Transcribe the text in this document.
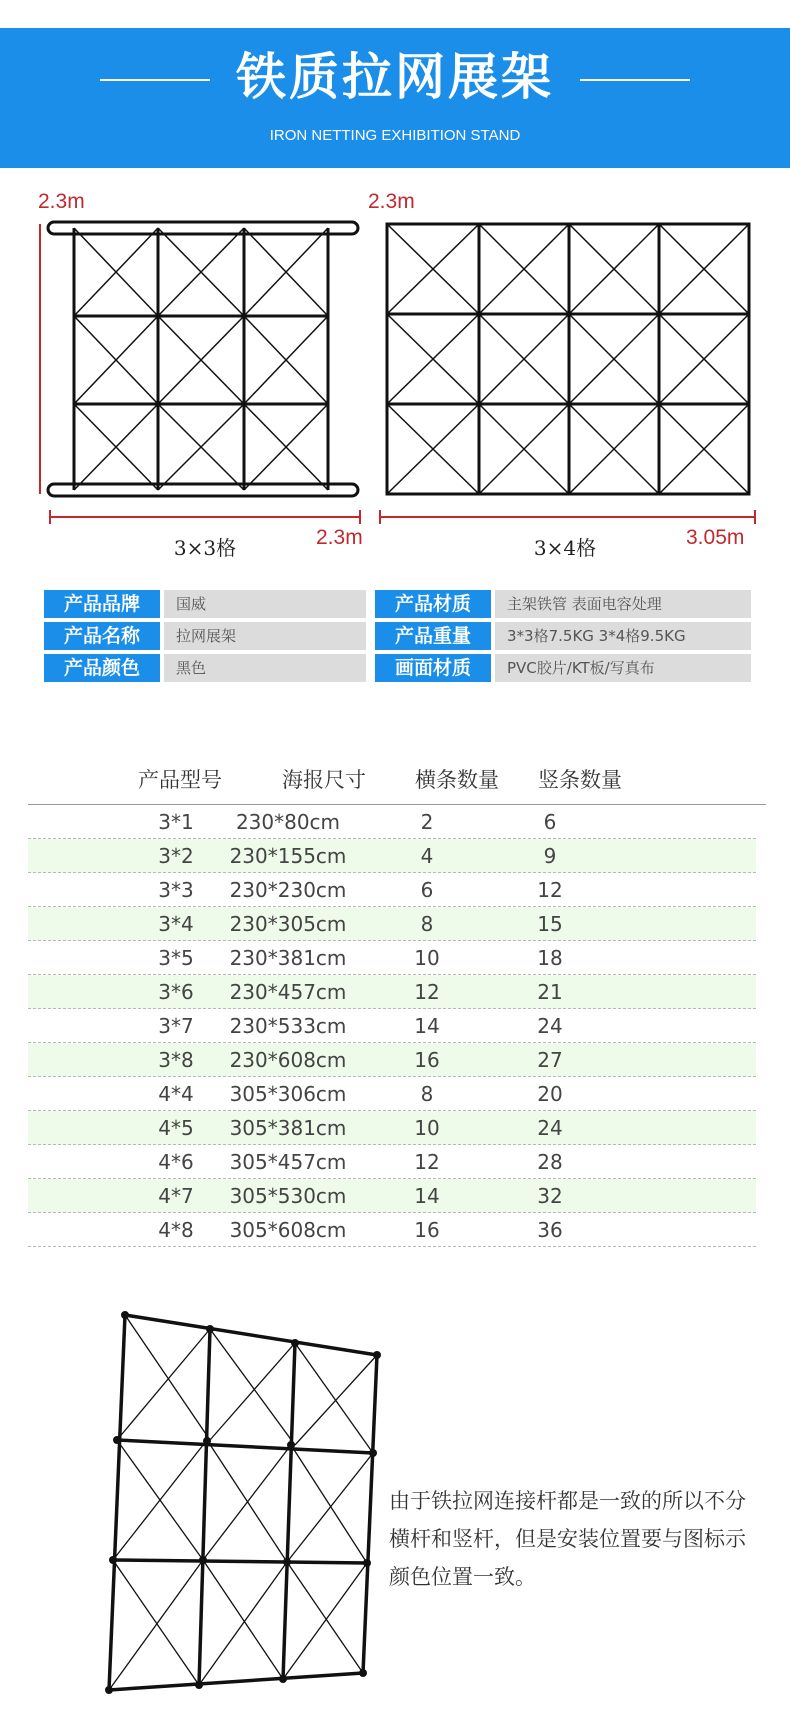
铁质拉网展架
IRON NETTING EXHIBITION STAND
2.3m
2.3m
3×3格
2.3m
3.05m
3×4格
产品品牌	国威
产品名称	拉网展架
产品颜色	黑色
产品材质	主架铁管 表面电容处理
产品重量	3*3格7.5KG 3*4格9.5KG
画面材质	PVC胶片/KT板/写真布
产品型号	海报尺寸	横条数量	竖条数量
3*1	230*80cm	2	6
3*2	230*155cm	4	9
3*3	230*230cm	6	12
3*4	230*305cm	8	15
3*5	230*381cm	10	18
3*6	230*457cm	12	21
3*7	230*533cm	14	24
3*8	230*608cm	16	27
4*4	305*306cm	8	20
4*5	305*381cm	10	24
4*6	305*457cm	12	28
4*7	305*530cm	14	32
4*8	305*608cm	16	36
由于铁拉网连接杆都是一致的所以不分横杆和竖杆，但是安装位置要与图标示颜色位置一致。
